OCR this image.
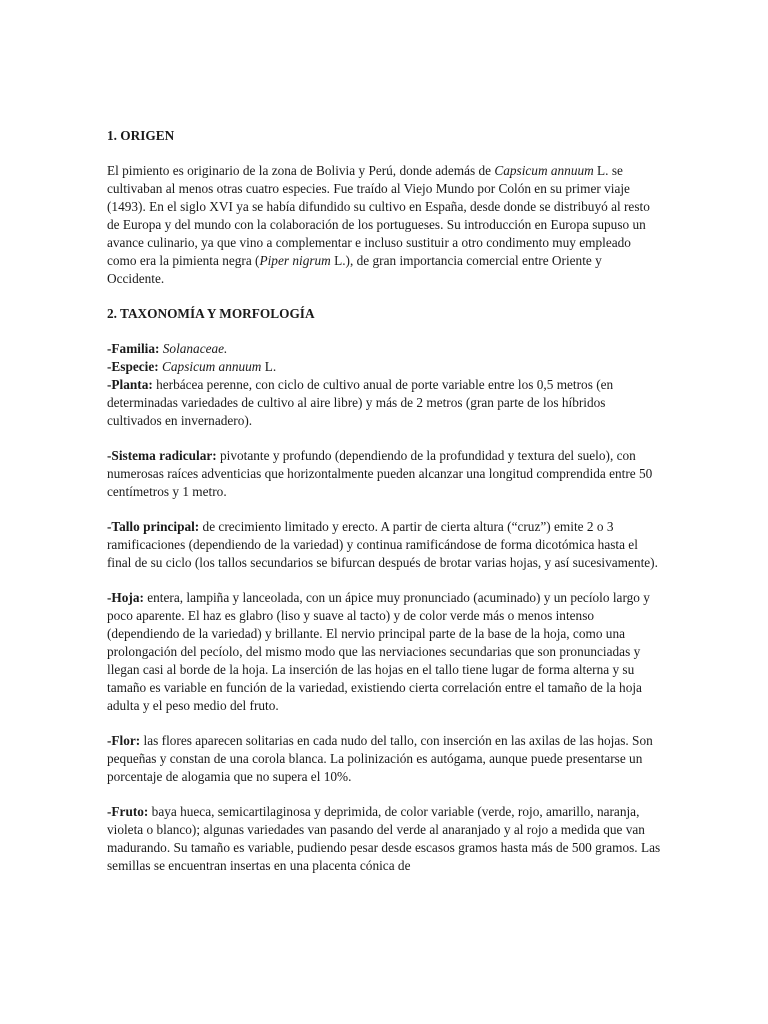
1. ORIGEN

El pimiento es originario de la zona de Bolivia y Perú, donde además de Capsicum annuum L. se cultivaban al menos otras cuatro especies. Fue traído al Viejo Mundo por Colón en su primer viaje (1493). En el siglo XVI ya se había difundido su cultivo en España, desde donde se distribuyó al resto de Europa y del mundo con la colaboración de los portugueses. Su introducción en Europa supuso un avance culinario, ya que vino a complementar e incluso sustituir a otro condimento muy empleado como era la pimienta negra (Piper nigrum L.), de gran importancia comercial entre Oriente y Occidente.

2. TAXONOMÍA Y MORFOLOGÍA

-Familia: Solanaceae.

-Especie: Capsicum annuum L.

-Planta: herbácea perenne, con ciclo de cultivo anual de porte variable entre los 0,5 metros (en determinadas variedades de cultivo al aire libre) y más de 2 metros (gran parte de los híbridos cultivados en invernadero).

-Sistema radicular: pivotante y profundo (dependiendo de la profundidad y textura del suelo), con numerosas raíces adventicias que horizontalmente pueden alcanzar una longitud comprendida entre 50 centímetros y 1 metro.

-Tallo principal: de crecimiento limitado y erecto. A partir de cierta altura (“cruz”) emite 2 o 3 ramificaciones (dependiendo de la variedad) y continua ramificándose de forma dicotómica hasta el final de su ciclo (los tallos secundarios se bifurcan después de brotar varias hojas, y así sucesivamente).

-Hoja: entera, lampiña y lanceolada, con un ápice muy pronunciado (acuminado) y un pecíolo largo y poco aparente. El haz es glabro (liso y suave al tacto) y de color verde más o menos intenso (dependiendo de la variedad) y brillante. El nervio principal parte de la base de la hoja, como una prolongación del pecíolo, del mismo modo que las nerviaciones secundarias que son pronunciadas y llegan casi al borde de la hoja. La inserción de las hojas en el tallo tiene lugar de forma alterna y su tamaño es variable en función de la variedad, existiendo cierta correlación entre el tamaño de la hoja adulta y el peso medio del fruto.

-Flor: las flores aparecen solitarias en cada nudo del tallo, con inserción en las axilas de las hojas. Son pequeñas y constan de una corola blanca. La polinización es autógama, aunque puede presentarse un porcentaje de alogamia que no supera el 10%.

-Fruto: baya hueca, semicartilaginosa y deprimida, de color variable (verde, rojo, amarillo, naranja, violeta o blanco); algunas variedades van pasando del verde al anaranjado y al rojo a medida que van madurando. Su tamaño es variable, pudiendo pesar desde escasos gramos hasta más de 500 gramos. Las semillas se encuentran insertas en una placenta cónica de
